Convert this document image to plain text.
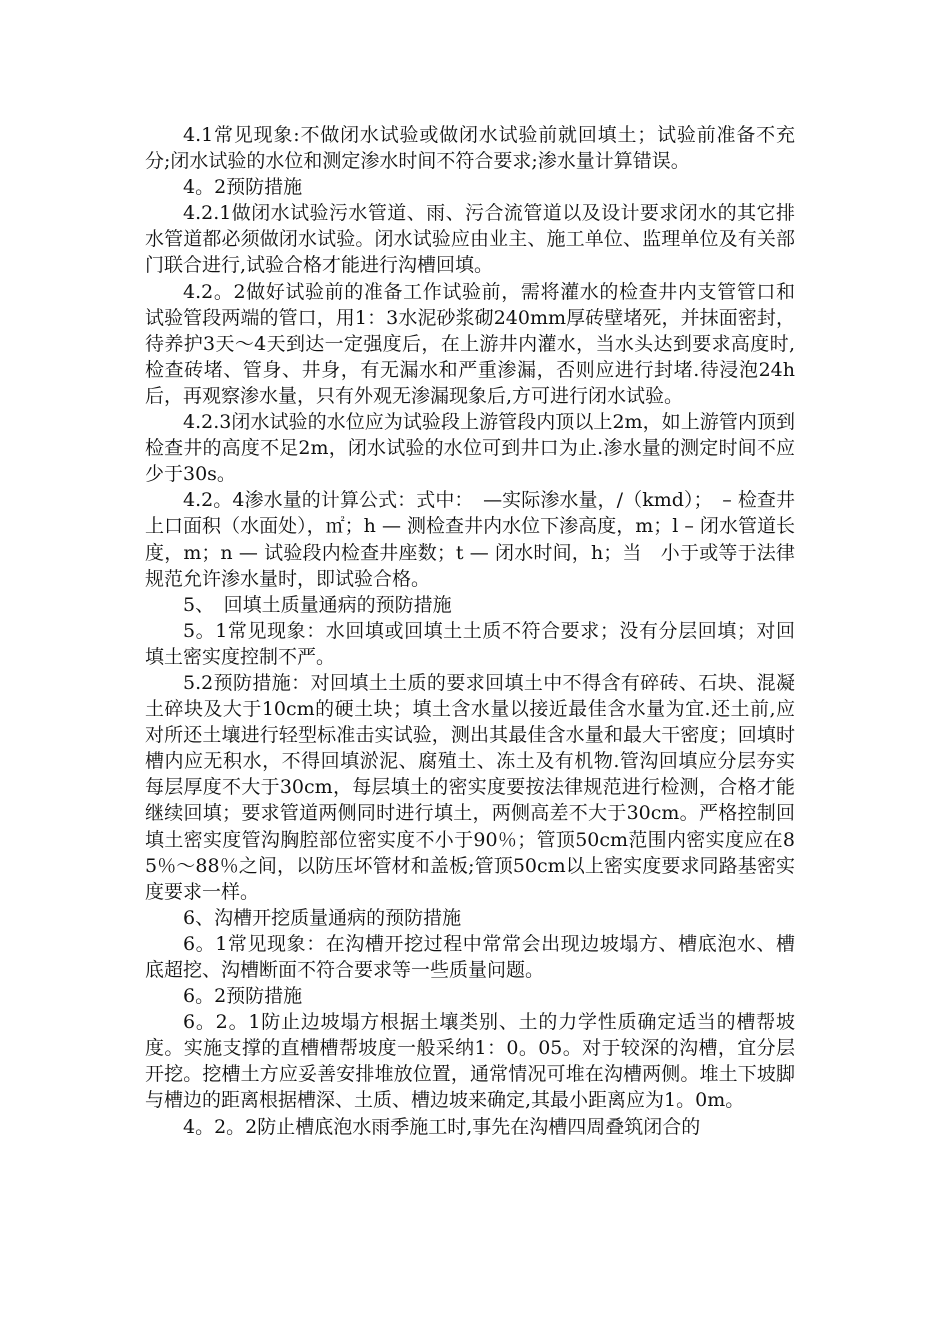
4.1常见现象:不做闭水试验或做闭水试验前就回填土；试验前准备不充分;闭水试验的水位和测定渗水时间不符合要求;渗水量计算错误。

4。2预防措施

4.2.1做闭水试验污水管道、雨、污合流管道以及设计要求闭水的其它排水管道都必须做闭水试验。闭水试验应由业主、施工单位、监理单位及有关部门联合进行,试验合格才能进行沟槽回填。

4.2。2做好试验前的准备工作试验前，需将灌水的检查井内支管管口和试验管段两端的管口，用1：3水泥砂浆砌240mm厚砖壁堵死，并抹面密封，待养护3天～4天到达一定强度后，在上游井内灌水，当水头达到要求高度时,检查砖堵、管身、井身，有无漏水和严重渗漏，否则应进行封堵.待浸泡24h后，再观察渗水量，只有外观无渗漏现象后,方可进行闭水试验。

4.2.3闭水试验的水位应为试验段上游管段内顶以上2m，如上游管内顶到检查井的高度不足2m，闭水试验的水位可到井口为止.渗水量的测定时间不应少于30s。

4.2。4渗水量的计算公式：式中：　—实际渗水量，/（kmd）；　– 检查井上口面积（水面处），㎡；h — 测检查井内水位下渗高度，m；l – 闭水管道长度，m；n — 试验段内检查井座数；t — 闭水时间，h；当　小于或等于法律规范允许渗水量时，即试验合格。

5、　回填土质量通病的预防措施

5。1常见现象：水回填或回填土土质不符合要求；没有分层回填；对回填土密实度控制不严。

5.2预防措施：对回填土土质的要求回填土中不得含有碎砖、石块、混凝土碎块及大于10cm的硬土块；填土含水量以接近最佳含水量为宜.还土前,应对所还土壤进行轻型标准击实试验，测出其最佳含水量和最大干密度；回填时槽内应无积水，不得回填淤泥、腐殖土、冻土及有机物.管沟回填应分层夯实每层厚度不大于30cm，每层填土的密实度要按法律规范进行检测，合格才能继续回填；要求管道两侧同时进行填土，两侧高差不大于30cm。严格控制回填土密实度管沟胸腔部位密实度不小于90％；管顶50cm范围内密实度应在85％～88％之间，以防压坏管材和盖板;管顶50cm以上密实度要求同路基密实度要求一样。

6、沟槽开挖质量通病的预防措施

6。1常见现象：在沟槽开挖过程中常常会出现边坡塌方、槽底泡水、槽底超挖、沟槽断面不符合要求等一些质量问题。

6。2预防措施

6。2。1防止边坡塌方根据土壤类别、土的力学性质确定适当的槽帮坡度。实施支撑的直槽槽帮坡度一般采纳1：0。05。对于较深的沟槽，宜分层开挖。挖槽土方应妥善安排堆放位置，通常情况可堆在沟槽两侧。堆土下坡脚与槽边的距离根据槽深、土质、槽边坡来确定,其最小距离应为1。0m。

4。2。2防止槽底泡水雨季施工时,事先在沟槽四周叠筑闭合的
